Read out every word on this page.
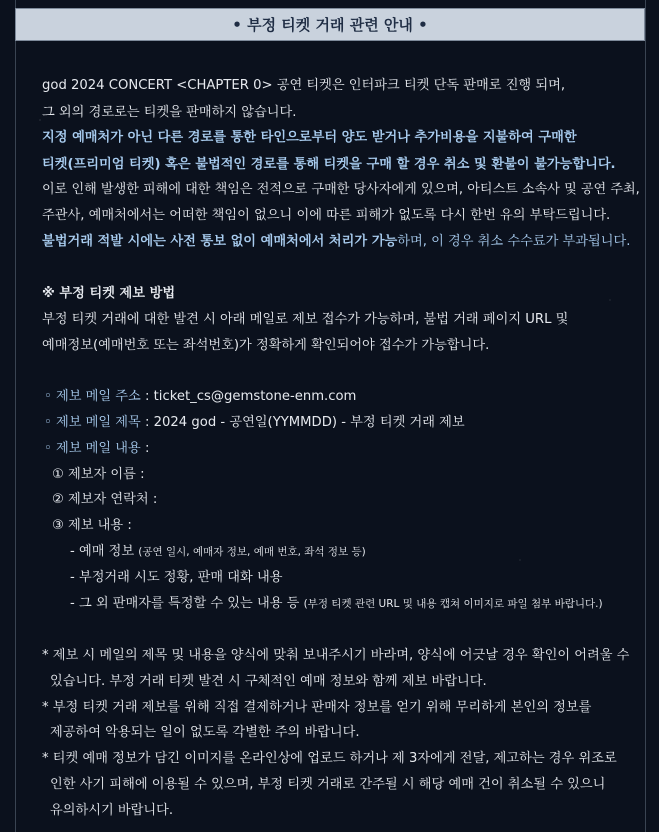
• 부정 티켓 거래 관련 안내 •
god 2024 CONCERT <CHAPTER 0> 공연 티켓은 인터파크 티켓 단독 판매로 진행 되며,
그 외의 경로로는 티켓을 판매하지 않습니다.
지정 예매처가 아닌 다른 경로를 통한 타인으로부터 양도 받거나 추가비용을 지불하여 구매한
티켓(프리미엄 티켓) 혹은 불법적인 경로를 통해 티켓을 구매 할 경우 취소 및 환불이 불가능합니다.
이로 인해 발생한 피해에 대한 책임은 전적으로 구매한 당사자에게 있으며, 아티스트 소속사 및 공연 주최,
주관사, 예매처에서는 어떠한 책임이 없으니 이에 따른 피해가 없도록 다시 한번 유의 부탁드립니다.
불법거래 적발 시에는 사전 통보 없이 예매처에서 처리가 가능하며, 이 경우 취소 수수료가 부과됩니다.
※ 부정 티켓 제보 방법
부정 티켓 거래에 대한 발견 시 아래 메일로 제보 접수가 가능하며, 불법 거래 페이지 URL 및
예매정보(예매번호 또는 좌석번호)가 정확하게 확인되어야 접수가 가능합니다.
◦ 제보 메일 주소 : ticket_cs@gemstone-enm.com
◦ 제보 메일 제목 : 2024 god - 공연일(YYMMDD) - 부정 티켓 거래 제보
◦ 제보 메일 내용 :
① 제보자 이름 :
② 제보자 연락처 :
③ 제보 내용 :
- 예매 정보 (공연 일시, 예매자 정보, 예매 번호, 좌석 정보 등)
- 부정거래 시도 정황, 판매 대화 내용
- 그 외 판매자를 특정할 수 있는 내용 등 (부정 티켓 관련 URL 및 내용 캡쳐 이미지로 파일 첨부 바랍니다.)
* 제보 시 메일의 제목 및 내용을 양식에 맞춰 보내주시기 바라며, 양식에 어긋날 경우 확인이 어려울 수
있습니다. 부정 거래 티켓 발견 시 구체적인 예매 정보와 함께 제보 바랍니다.
* 부정 티켓 거래 제보를 위해 직접 결제하거나 판매자 정보를 얻기 위해 무리하게 본인의 정보를
제공하여 악용되는 일이 없도록 각별한 주의 바랍니다.
* 티켓 예매 정보가 담긴 이미지를 온라인상에 업로드 하거나 제 3자에게 전달, 제고하는 경우 위조로
인한 사기 피해에 이용될 수 있으며, 부정 티켓 거래로 간주될 시 해당 예매 건이 취소될 수 있으니
유의하시기 바랍니다.
